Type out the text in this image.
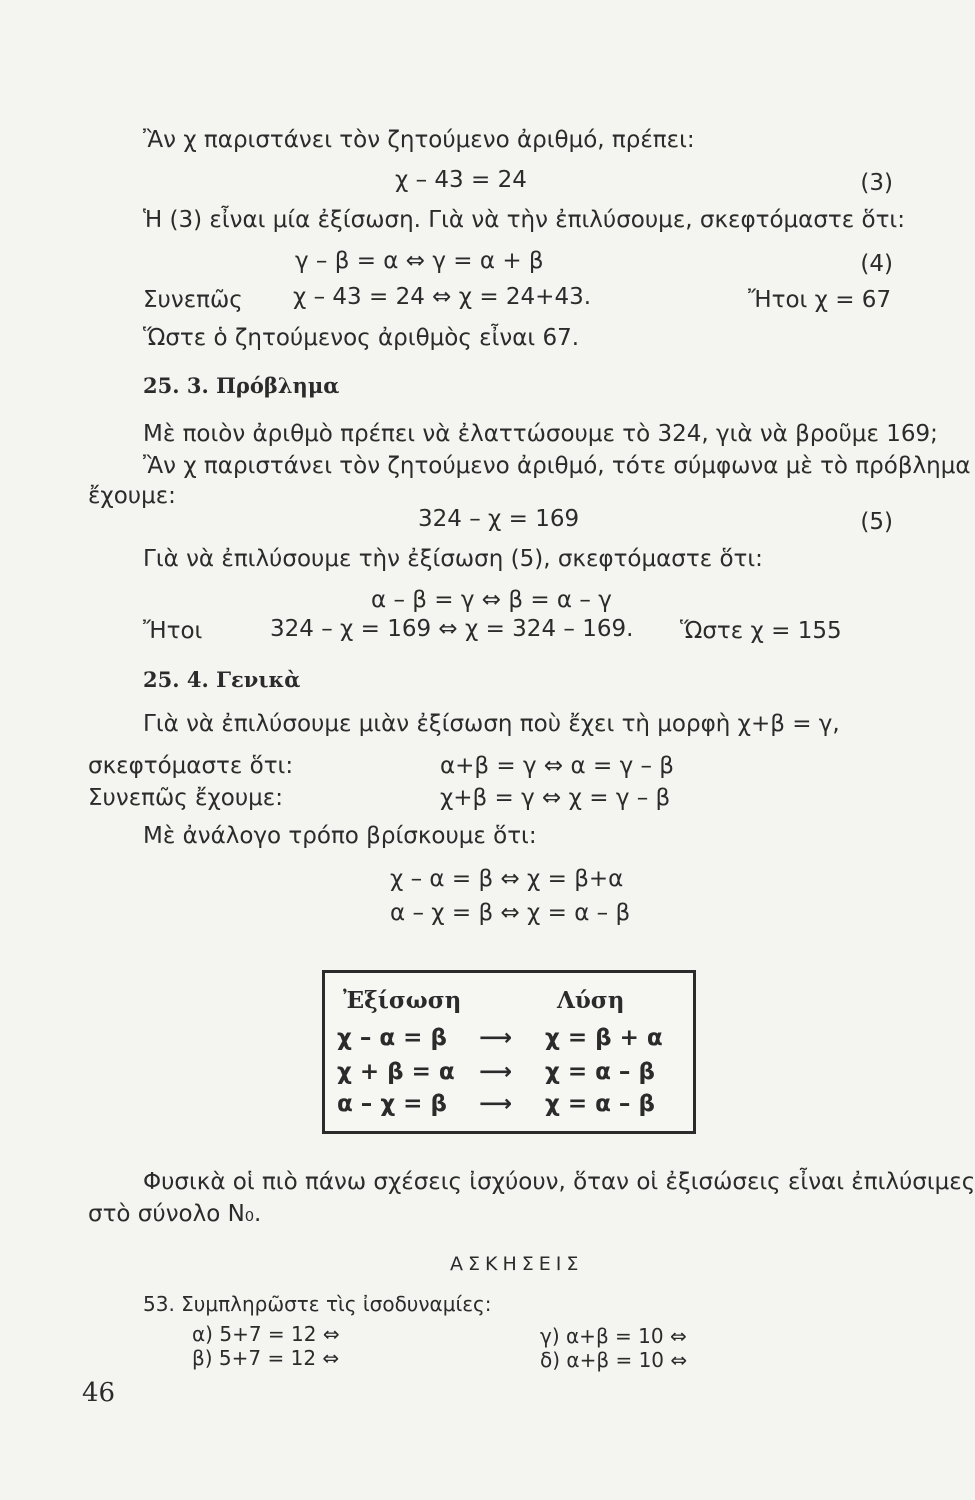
Ἂν χ παριστάνει τὸν ζητούμενο ἀριθμό, πρέπει:
χ – 43 = 24	(3)
Ἡ (3) εἶναι μία ἐξίσωση. Γιὰ νὰ τὴν ἐπιλύσουμε, σκεφτόμαστε ὅτι:
γ – β = α ⇔ γ = α + β	(4)
Συνεπῶς χ – 43 = 24 ⇔ χ = 24+43.	Ἤτοι χ = 67
Ὥστε ὁ ζητούμενος ἀριθμὸς εἶναι 67.
25. 3. Πρόβλημα
Μὲ ποιὸν ἀριθμὸ πρέπει νὰ ἐλαττώσουμε τὸ 324, γιὰ νὰ βροῦμε 169;
Ἂν χ παριστάνει τὸν ζητούμενο ἀριθμό, τότε σύμφωνα μὲ τὸ πρόβλημα
ἔχουμε:
324 – χ = 169	(5)
Γιὰ νὰ ἐπιλύσουμε τὴν ἐξίσωση (5), σκεφτόμαστε ὅτι:
α – β = γ ⇔ β = α – γ
Ἤτοι	324 – χ = 169 ⇔ χ = 324 – 169. Ὥστε χ = 155
25. 4. Γενικὰ
Γιὰ νὰ ἐπιλύσουμε μιὰν ἐξίσωση ποὺ ἔχει τὴ μορφὴ χ+β = γ,
σκεφτόμαστε ὅτι:	α+β = γ ⇔ α = γ – β
Συνεπῶς ἔχουμε:	χ+β = γ ⇔ χ = γ – β
Μὲ ἀνάλογο τρόπο βρίσκουμε ὅτι:
χ – α = β ⇔ χ = β+α
α – χ = β ⇔ χ = α – β
Ἐξίσωση	Λύση
χ – α = β ⟶ χ = β + α
χ + β = α ⟶ χ = α – β
α – χ = β ⟶ χ = α – β
Φυσικὰ οἱ πιὸ πάνω σχέσεις ἰσχύουν, ὅταν οἱ ἐξισώσεις εἶναι ἐπιλύσιμες
στὸ σύνολο N₀.
ΑΣΚΗΣΕΙΣ
53. Συμπληρῶστε τὶς ἰσοδυναμίες:
α) 5+7 = 12 ⇔	γ) α+β = 10 ⇔
β) 5+7 = 12 ⇔	δ) α+β = 10 ⇔
46
